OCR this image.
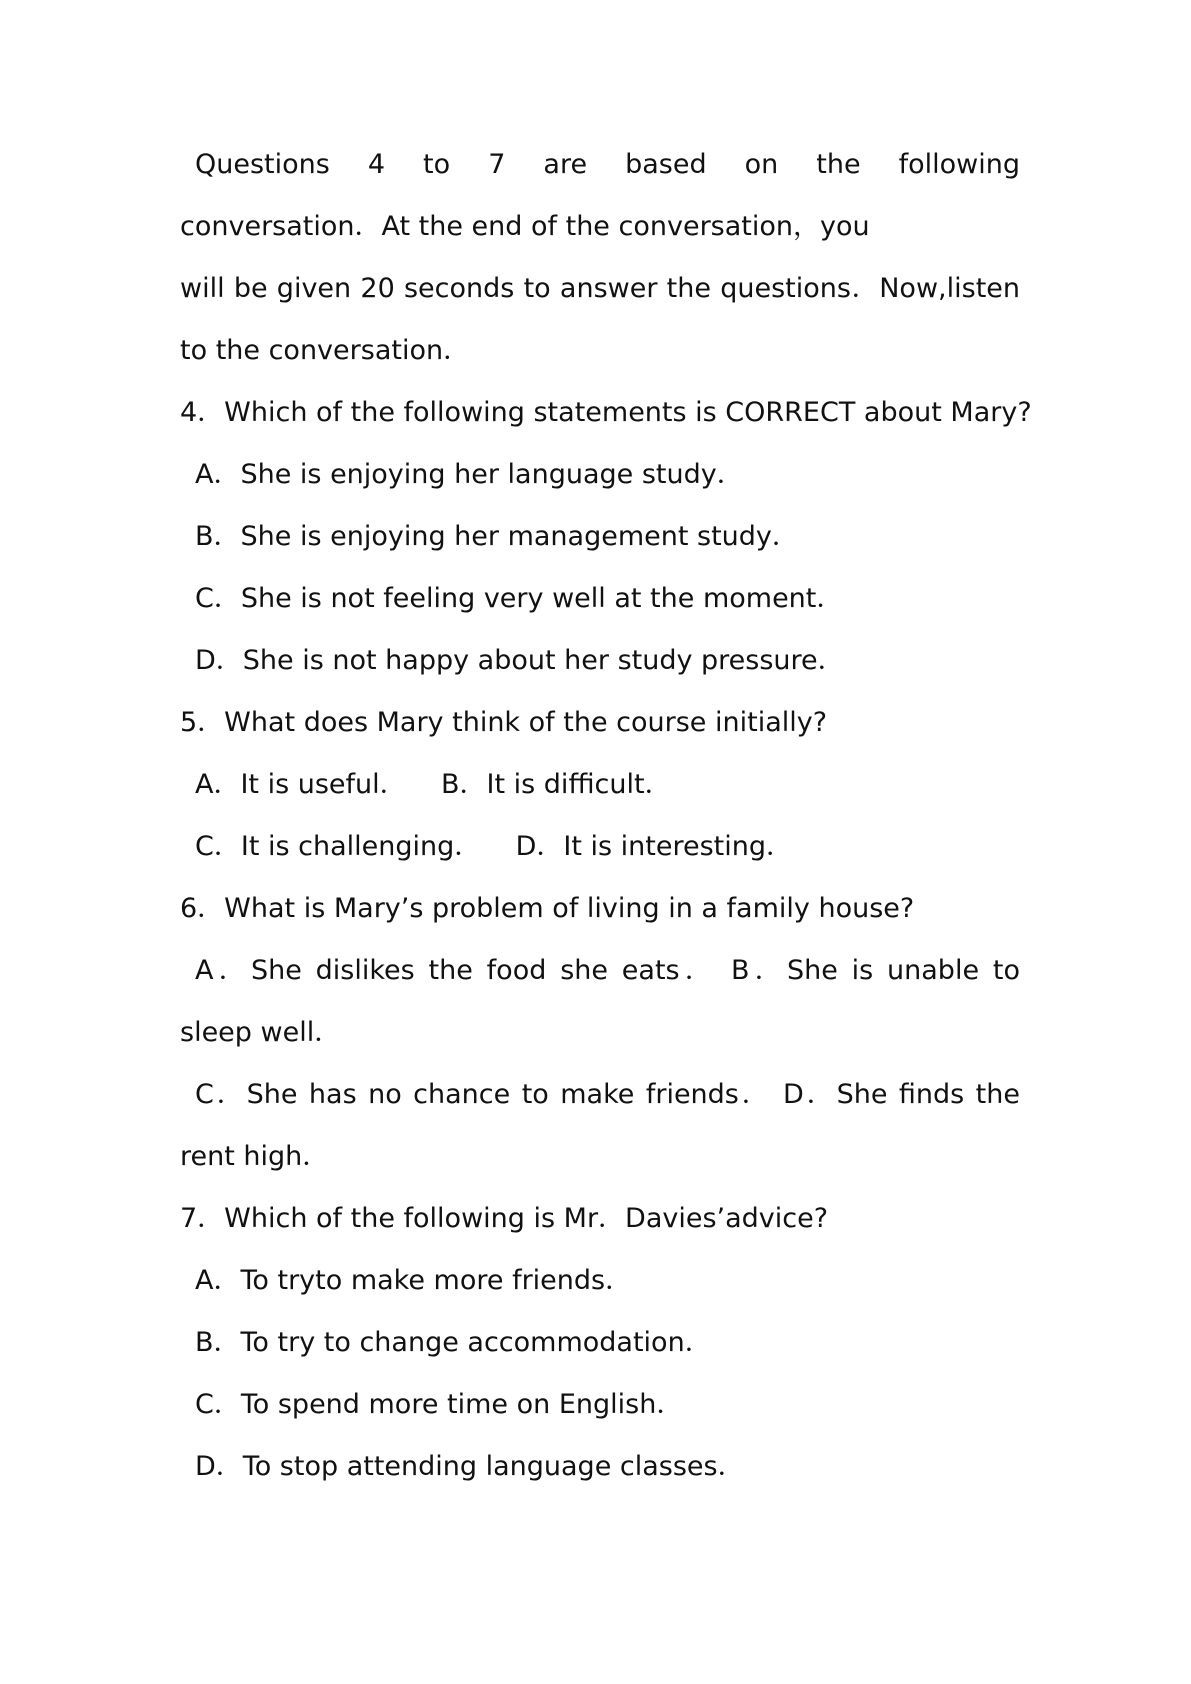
Questions 4 to 7 are based on the following
conversation．At the end of the conversation，you
will be given 20 seconds to answer the questions．Now,listen
to the conversation．
4．Which of the following statements is CORRECT about Mary?
A．She is enjoying her language study．
B．She is enjoying her management study．
C．She is not feeling very well at the moment．
D．She is not happy about her study pressure．
5．What does Mary think of the course initially?
A．It is useful．    B．It is difficult．
C．It is challenging．    D．It is interesting．
6．What is Mary’s problem of living in a family house?
A．She dislikes the food she eats． B．She is unable to
sleep well．
C．She has no chance to make friends． D．She finds the
rent high．
7．Which of the following is Mr．Davies’advice?
A．To tryto make more friends．
B．To try to change accommodation．
C．To spend more time on English．
D．To stop attending language classes．
